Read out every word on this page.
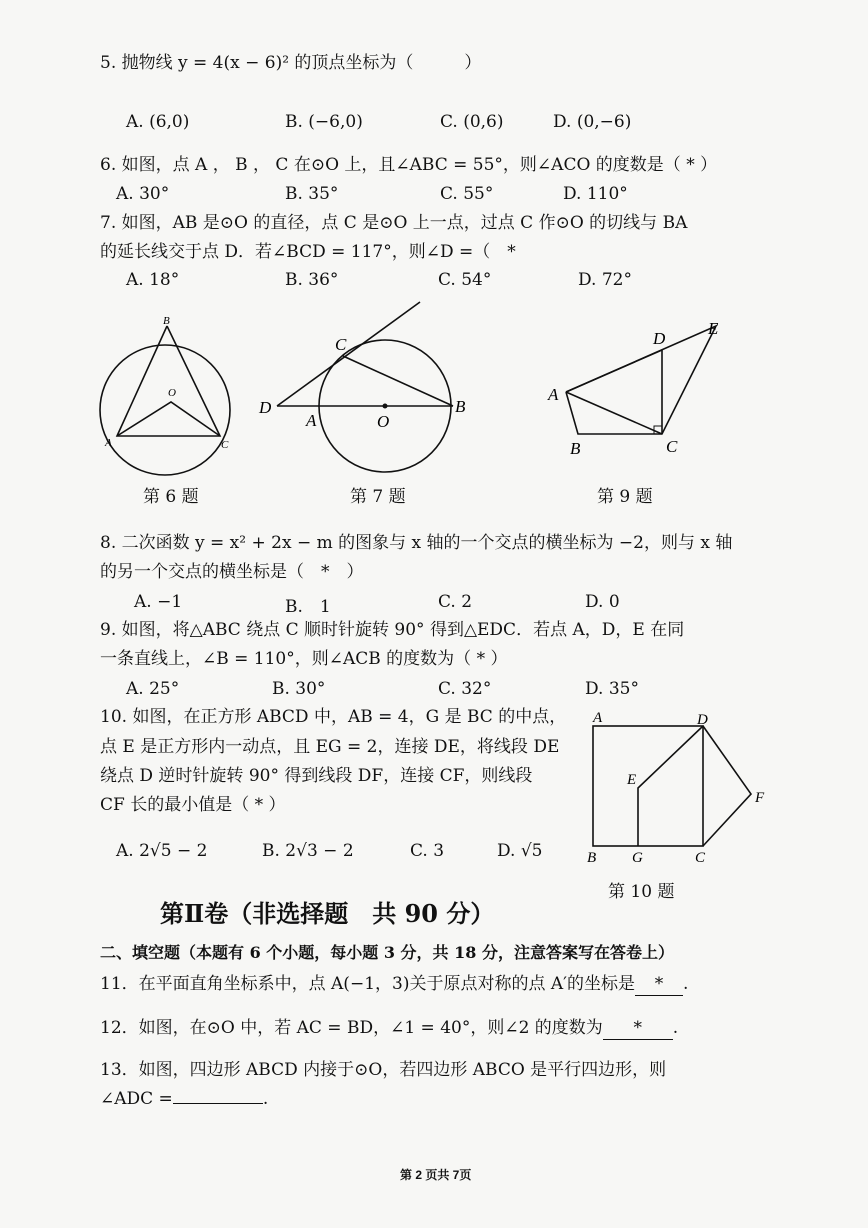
5. 抛物线 y = 4(x − 6)² 的顶点坐标为（　　　）
A. (6,0)	B. (−6,0)	C. (0,6)	D. (0,−6)
6. 如图，点 A ， B ， C 在⊙O 上，且∠ABC = 55°，则∠ACO 的度数是（ * ）
A. 30°	B. 35°	C. 55°	D. 110°
7. 如图，AB 是⊙O 的直径，点 C 是⊙O 上一点，过点 C 作⊙O 的切线与 BA
的延长线交于点 D．若∠BCD = 117°，则∠D =（　*
A. 18°	B. 36°	C. 54°	D. 72°
B
O
A	C
第 6 题
C
D
A	O
B
第 7 题
D
E
A
B	C
第 9 题
8. 二次函数 y = x² + 2x − m 的图象与 x 轴的一个交点的横坐标为 −2，则与 x 轴
的另一个交点的横坐标是（　*　）
A. −1	B.　1	C. 2	D. 0
9. 如图，将△ABC 绕点 C 顺时针旋转 90° 得到△EDC．若点 A，D，E 在同
一条直线上，∠B = 110°，则∠ACB 的度数为（ * ）
A. 25°	B. 30°	C. 32°	D. 35°
10. 如图，在正方形 ABCD 中，AB = 4，G 是 BC 的中点，
点 E 是正方形内一动点，且 EG = 2，连接 DE，将线段 DE
绕点 D 逆时针旋转 90° 得到线段 DF，连接 CF，则线段
CF 长的最小值是（ * ）
A. 2√5 − 2	B. 2√3 − 2	C. 3	D. √5
A	D
E
F
B G	C
第 10 题
第Ⅱ卷（非选择题　共 90 分）
二、填空题（本题有 6 个小题，每小题 3 分，共 18 分，注意答案写在答卷上）
11．在平面直角坐标系中，点 A(−1，3)关于原点对称的点 A′的坐标是 * .
12．如图，在⊙O 中，若 AC = BD，∠1 = 40°，则∠2 的度数为 * .
13．如图，四边形 ABCD 内接于⊙O，若四边形 ABCO 是平行四边形，则
∠ADC =	.
第 2 页共 7页
